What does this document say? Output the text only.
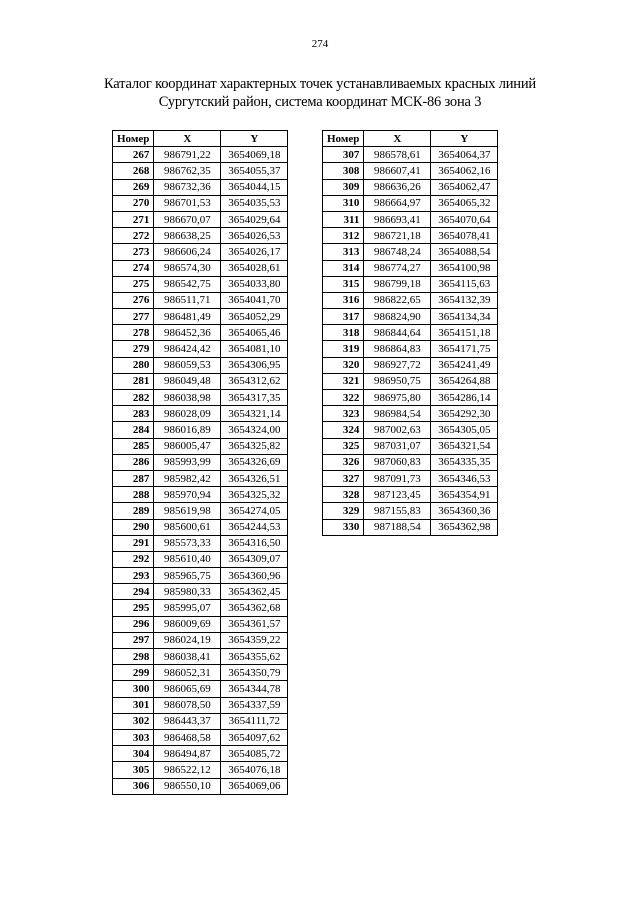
274
Каталог координат характерных точек устанавливаемых красных линий
Сургутский район, система координат МСК-86 зона 3
Номер	X	Y
267	986791,22	3654069,18
268	986762,35	3654055,37
269	986732,36	3654044,15
270	986701,53	3654035,53
271	986670,07	3654029,64
272	986638,25	3654026,53
273	986606,24	3654026,17
274	986574,30	3654028,61
275	986542,75	3654033,80
276	986511,71	3654041,70
277	986481,49	3654052,29
278	986452,36	3654065,46
279	986424,42	3654081,10
280	986059,53	3654306,95
281	986049,48	3654312,62
282	986038,98	3654317,35
283	986028,09	3654321,14
284	986016,89	3654324,00
285	986005,47	3654325,82
286	985993,99	3654326,69
287	985982,42	3654326,51
288	985970,94	3654325,32
289	985619,98	3654274,05
290	985600,61	3654244,53
291	985573,33	3654316,50
292	985610,40	3654309,07
293	985965,75	3654360,96
294	985980,33	3654362,45
295	985995,07	3654362,68
296	986009,69	3654361,57
297	986024,19	3654359,22
298	986038,41	3654355,62
299	986052,31	3654350,79
300	986065,69	3654344,78
301	986078,50	3654337,59
302	986443,37	3654111,72
303	986468,58	3654097,62
304	986494,87	3654085,72
305	986522,12	3654076,18
306	986550,10	3654069,06
Номер	X	Y
307	986578,61	3654064,37
308	986607,41	3654062,16
309	986636,26	3654062,47
310	986664,97	3654065,32
311	986693,41	3654070,64
312	986721,18	3654078,41
313	986748,24	3654088,54
314	986774,27	3654100,98
315	986799,18	3654115,63
316	986822,65	3654132,39
317	986824,90	3654134,34
318	986844,64	3654151,18
319	986864,83	3654171,75
320	986927,72	3654241,49
321	986950,75	3654264,88
322	986975,80	3654286,14
323	986984,54	3654292,30
324	987002,63	3654305,05
325	987031,07	3654321,54
326	987060,83	3654335,35
327	987091,73	3654346,53
328	987123,45	3654354,91
329	987155,83	3654360,36
330	987188,54	3654362,98
